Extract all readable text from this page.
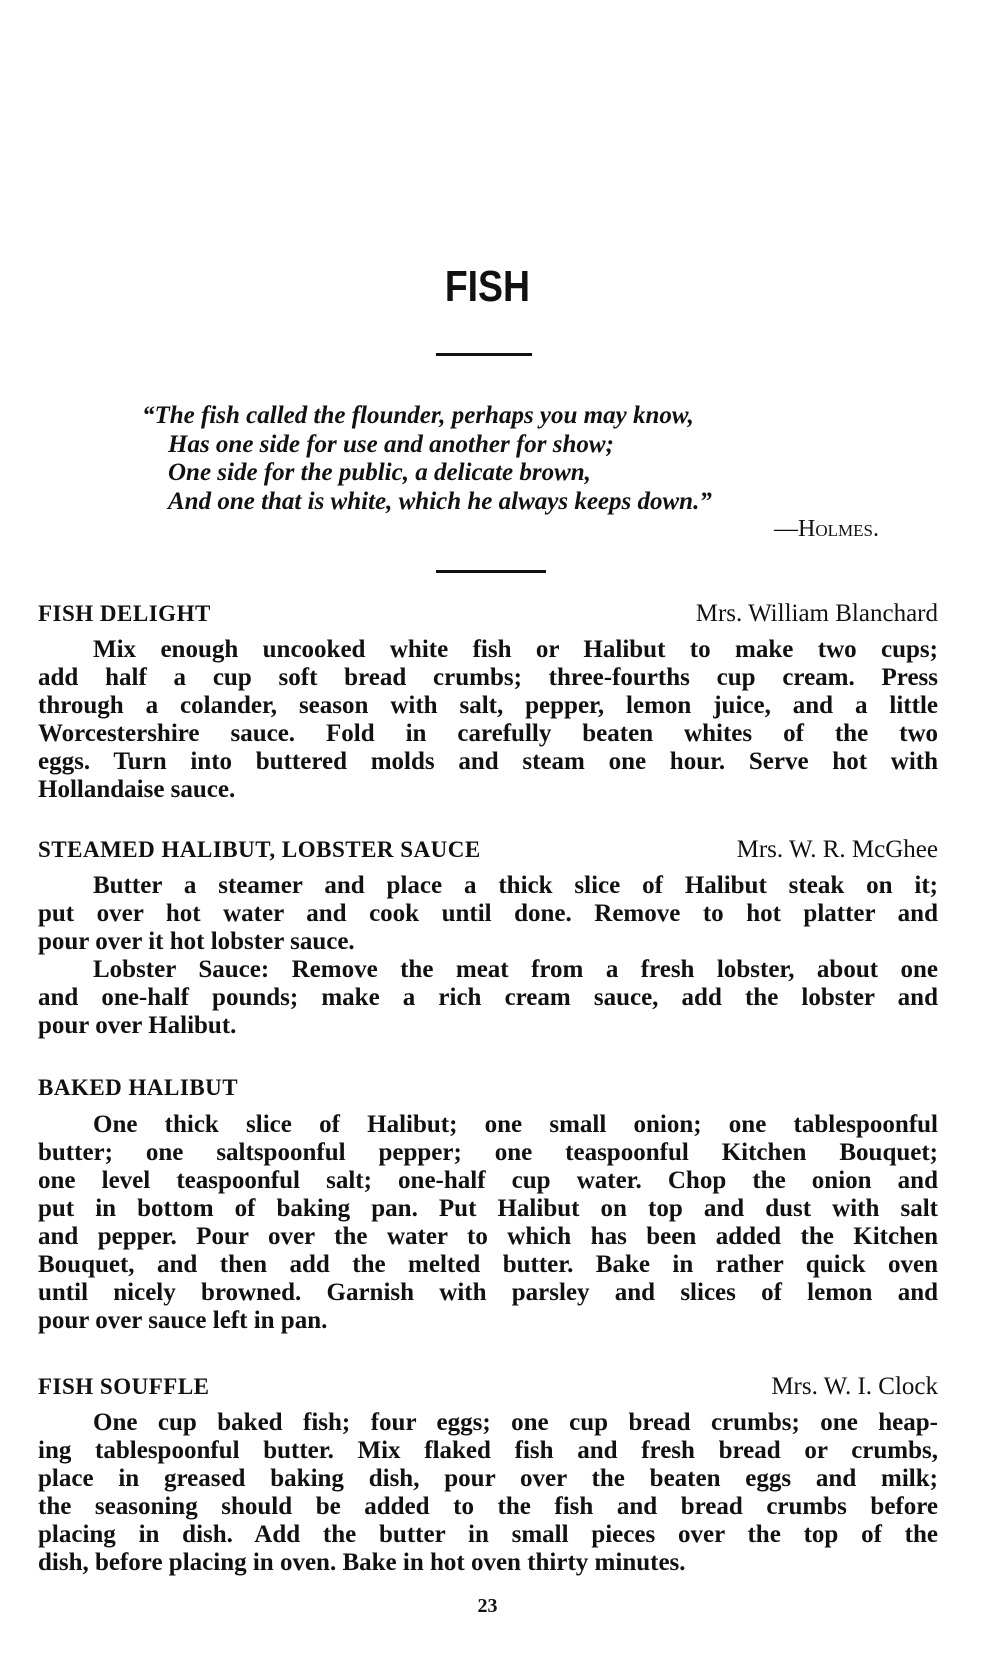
FISH
“The fish called the flounder, perhaps you may know,
Has one side for use and another for show;
One side for the public, a delicate brown,
And one that is white, which he always keeps down.”
—Holmes.
FISH DELIGHT	Mrs. William Blanchard
Mix enough uncooked white fish or Halibut to make two cups;
add half a cup soft bread crumbs; three-fourths cup cream. Press
through a colander, season with salt, pepper, lemon juice, and a little
Worcestershire sauce. Fold in carefully beaten whites of the two
eggs. Turn into buttered molds and steam one hour. Serve hot with
Hollandaise sauce.
STEAMED HALIBUT, LOBSTER SAUCE	Mrs. W. R. McGhee
Butter a steamer and place a thick slice of Halibut steak on it;
put over hot water and cook until done. Remove to hot platter and
pour over it hot lobster sauce.
Lobster Sauce: Remove the meat from a fresh lobster, about one
and one-half pounds; make a rich cream sauce, add the lobster and
pour over Halibut.
BAKED HALIBUT
One thick slice of Halibut; one small onion; one tablespoonful
butter; one saltspoonful pepper; one teaspoonful Kitchen Bouquet;
one level teaspoonful salt; one-half cup water. Chop the onion and
put in bottom of baking pan. Put Halibut on top and dust with salt
and pepper. Pour over the water to which has been added the Kitchen
Bouquet, and then add the melted butter. Bake in rather quick oven
until nicely browned. Garnish with parsley and slices of lemon and
pour over sauce left in pan.
FISH SOUFFLE	Mrs. W. I. Clock
One cup baked fish; four eggs; one cup bread crumbs; one heap-
ing tablespoonful butter. Mix flaked fish and fresh bread or crumbs,
place in greased baking dish, pour over the beaten eggs and milk;
the seasoning should be added to the fish and bread crumbs before
placing in dish. Add the butter in small pieces over the top of the
dish, before placing in oven. Bake in hot oven thirty minutes.
23
